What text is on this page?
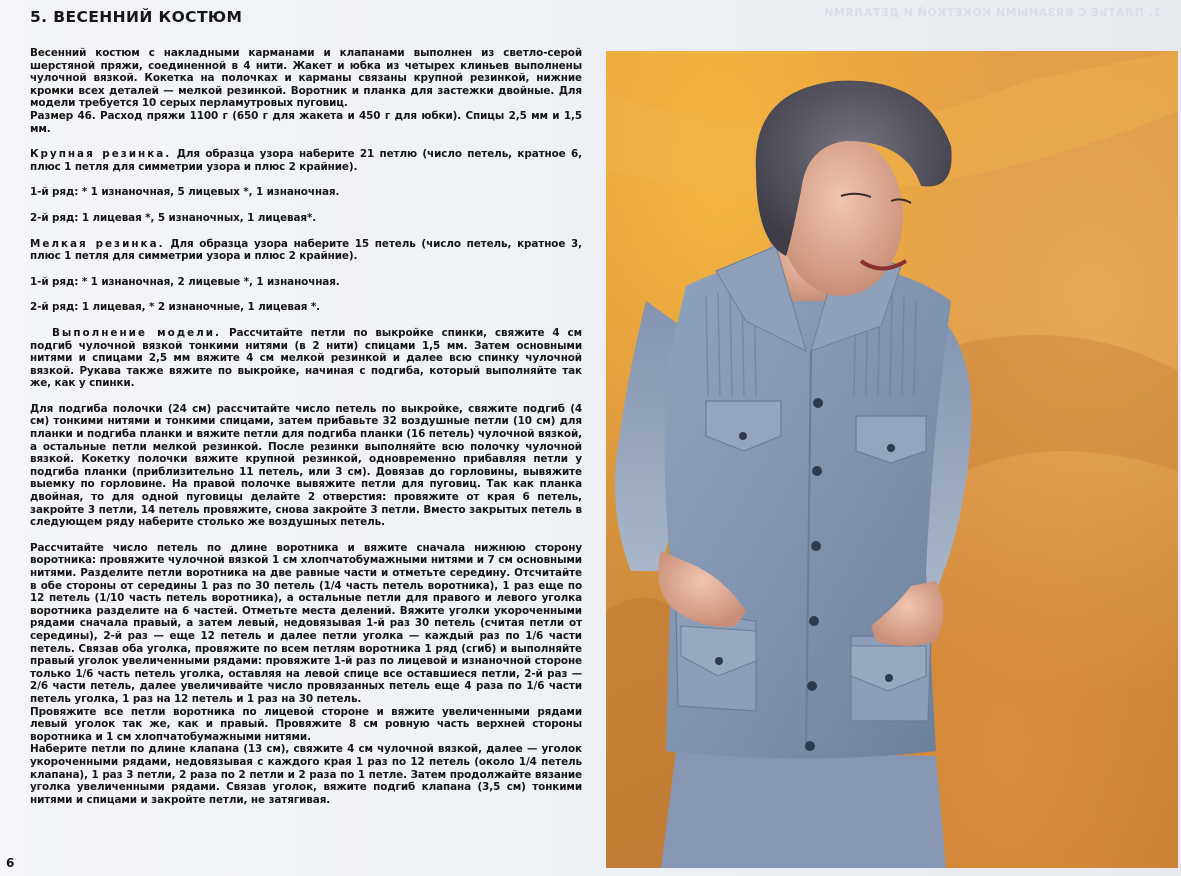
1. ПЛАТЬЕ С ВЯЗАНЫМИ КОКЕТКОЙ И ДЕТАЛЯМИ
5. ВЕСЕННИЙ КОСТЮМ
Весенний костюм с накладными карманами и клапанами выполнен из светло-серой шерстяной пряжи, соединенной в 4 нити. Жакет и юбка из четырех клиньев выполнены чулочной вязкой. Кокетка на полочках и карманы связаны крупной резинкой, нижние кромки всех деталей — мелкой резинкой. Воротник и планка для застежки двойные. Для модели требуется 10 серых перламутровых пуговиц.
Размер 46. Расход пряжи 1100 г (650 г для жакета и 450 г для юбки). Спицы 2,5 мм и 1,5 мм.
Крупная резинка. Для образца узора наберите 21 петлю (число петель, кратное 6, плюс 1 петля для симметрии узора и плюс 2 крайние).
1-й ряд: * 1 изнаночная, 5 лицевых *, 1 изнаночная.
2-й ряд: 1 лицевая *, 5 изнаночных, 1 лицевая*.
Мелкая резинка. Для образца узора наберите 15 петель (число петель, кратное 3, плюс 1 петля для симметрии узора и плюс 2 крайние).
1-й ряд: * 1 изнаночная, 2 лицевые *, 1 изнаночная.
2-й ряд: 1 лицевая, * 2 изнаночные, 1 лицевая *.
Выполнение модели. Рассчитайте петли по выкройке спинки, свяжите 4 см подгиб чулочной вязкой тонкими нитями (в 2 нити) спицами 1,5 мм. Затем основными нитями и спицами 2,5 мм вяжите 4 см мелкой резинкой и далее всю спинку чулочной вязкой. Рукава также вяжите по выкройке, начиная с подгиба, который выполняйте так же, как у спинки.
Для подгиба полочки (24 см) рассчитайте число петель по выкройке, свяжите подгиб (4 см) тонкими нитями и тонкими спицами, затем прибавьте 32 воздушные петли (10 см) для планки и подгиба планки и вяжите петли для подгиба планки (16 петель) чулочной вязкой, а остальные петли мелкой резинкой. После резинки выполняйте всю полочку чулочной вязкой. Кокетку полочки вяжите крупной резинкой, одновременно прибавляя петли у подгиба планки (приблизительно 11 петель, или 3 см). Довязав до горловины, вывяжите выемку по горловине. На правой полочке вывяжите петли для пуговиц. Так как планка двойная, то для одной пуговицы делайте 2 отверстия: провяжите от края 6 петель, закройте 3 петли, 14 петель провяжите, снова закройте 3 петли. Вместо закрытых петель в следующем ряду наберите столько же воздушных петель.
Рассчитайте число петель по длине воротника и вяжите сначала нижнюю сторону воротника: провяжите чулочной вязкой 1 см хлопчатобумажными нитями и 7 см основными нитями. Разделите петли воротника на две равные части и отметьте середину. Отсчитайте в обе стороны от середины 1 раз по 30 петель (1/4 часть петель воротника), 1 раз еще по 12 петель (1/10 часть петель воротника), а остальные петли для правого и левого уголка воротника разделите на 6 частей. Отметьте места делений. Вяжите уголки укороченными рядами сначала правый, а затем левый, недовязывая 1-й раз 30 петель (считая петли от середины), 2-й раз — еще 12 петель и далее петли уголка — каждый раз по 1/6 части петель. Связав оба уголка, провяжите по всем петлям воротника 1 ряд (сгиб) и выполняйте правый уголок увеличенными рядами: провяжите 1-й раз по лицевой и изнаночной стороне только 1/6 часть петель уголка, оставляя на левой спице все оставшиеся петли, 2-й раз — 2/6 части петель, далее увеличивайте число провязанных петель еще 4 раза по 1/6 части петель уголка, 1 раз на 12 петель и 1 раз на 30 петель.
Провяжите все петли воротника по лицевой стороне и вяжите увеличенными рядами левый уголок так же, как и правый. Провяжите 8 см ровную часть верхней стороны воротника и 1 см хлопчатобумажными нитями.
Наберите петли по длине клапана (13 см), свяжите 4 см чулочной вязкой, далее — уголок укороченными рядами, недовязывая с каждого края 1 раз по 12 петель (около 1/4 петель клапана), 1 раз 3 петли, 2 раза по 2 петли и 2 раза по 1 петле. Затем продолжайте вязание уголка увеличенными рядами. Связав уголок, вяжите подгиб клапана (3,5 см) тонкими нитями и спицами и закройте петли, не затягивая.
6
